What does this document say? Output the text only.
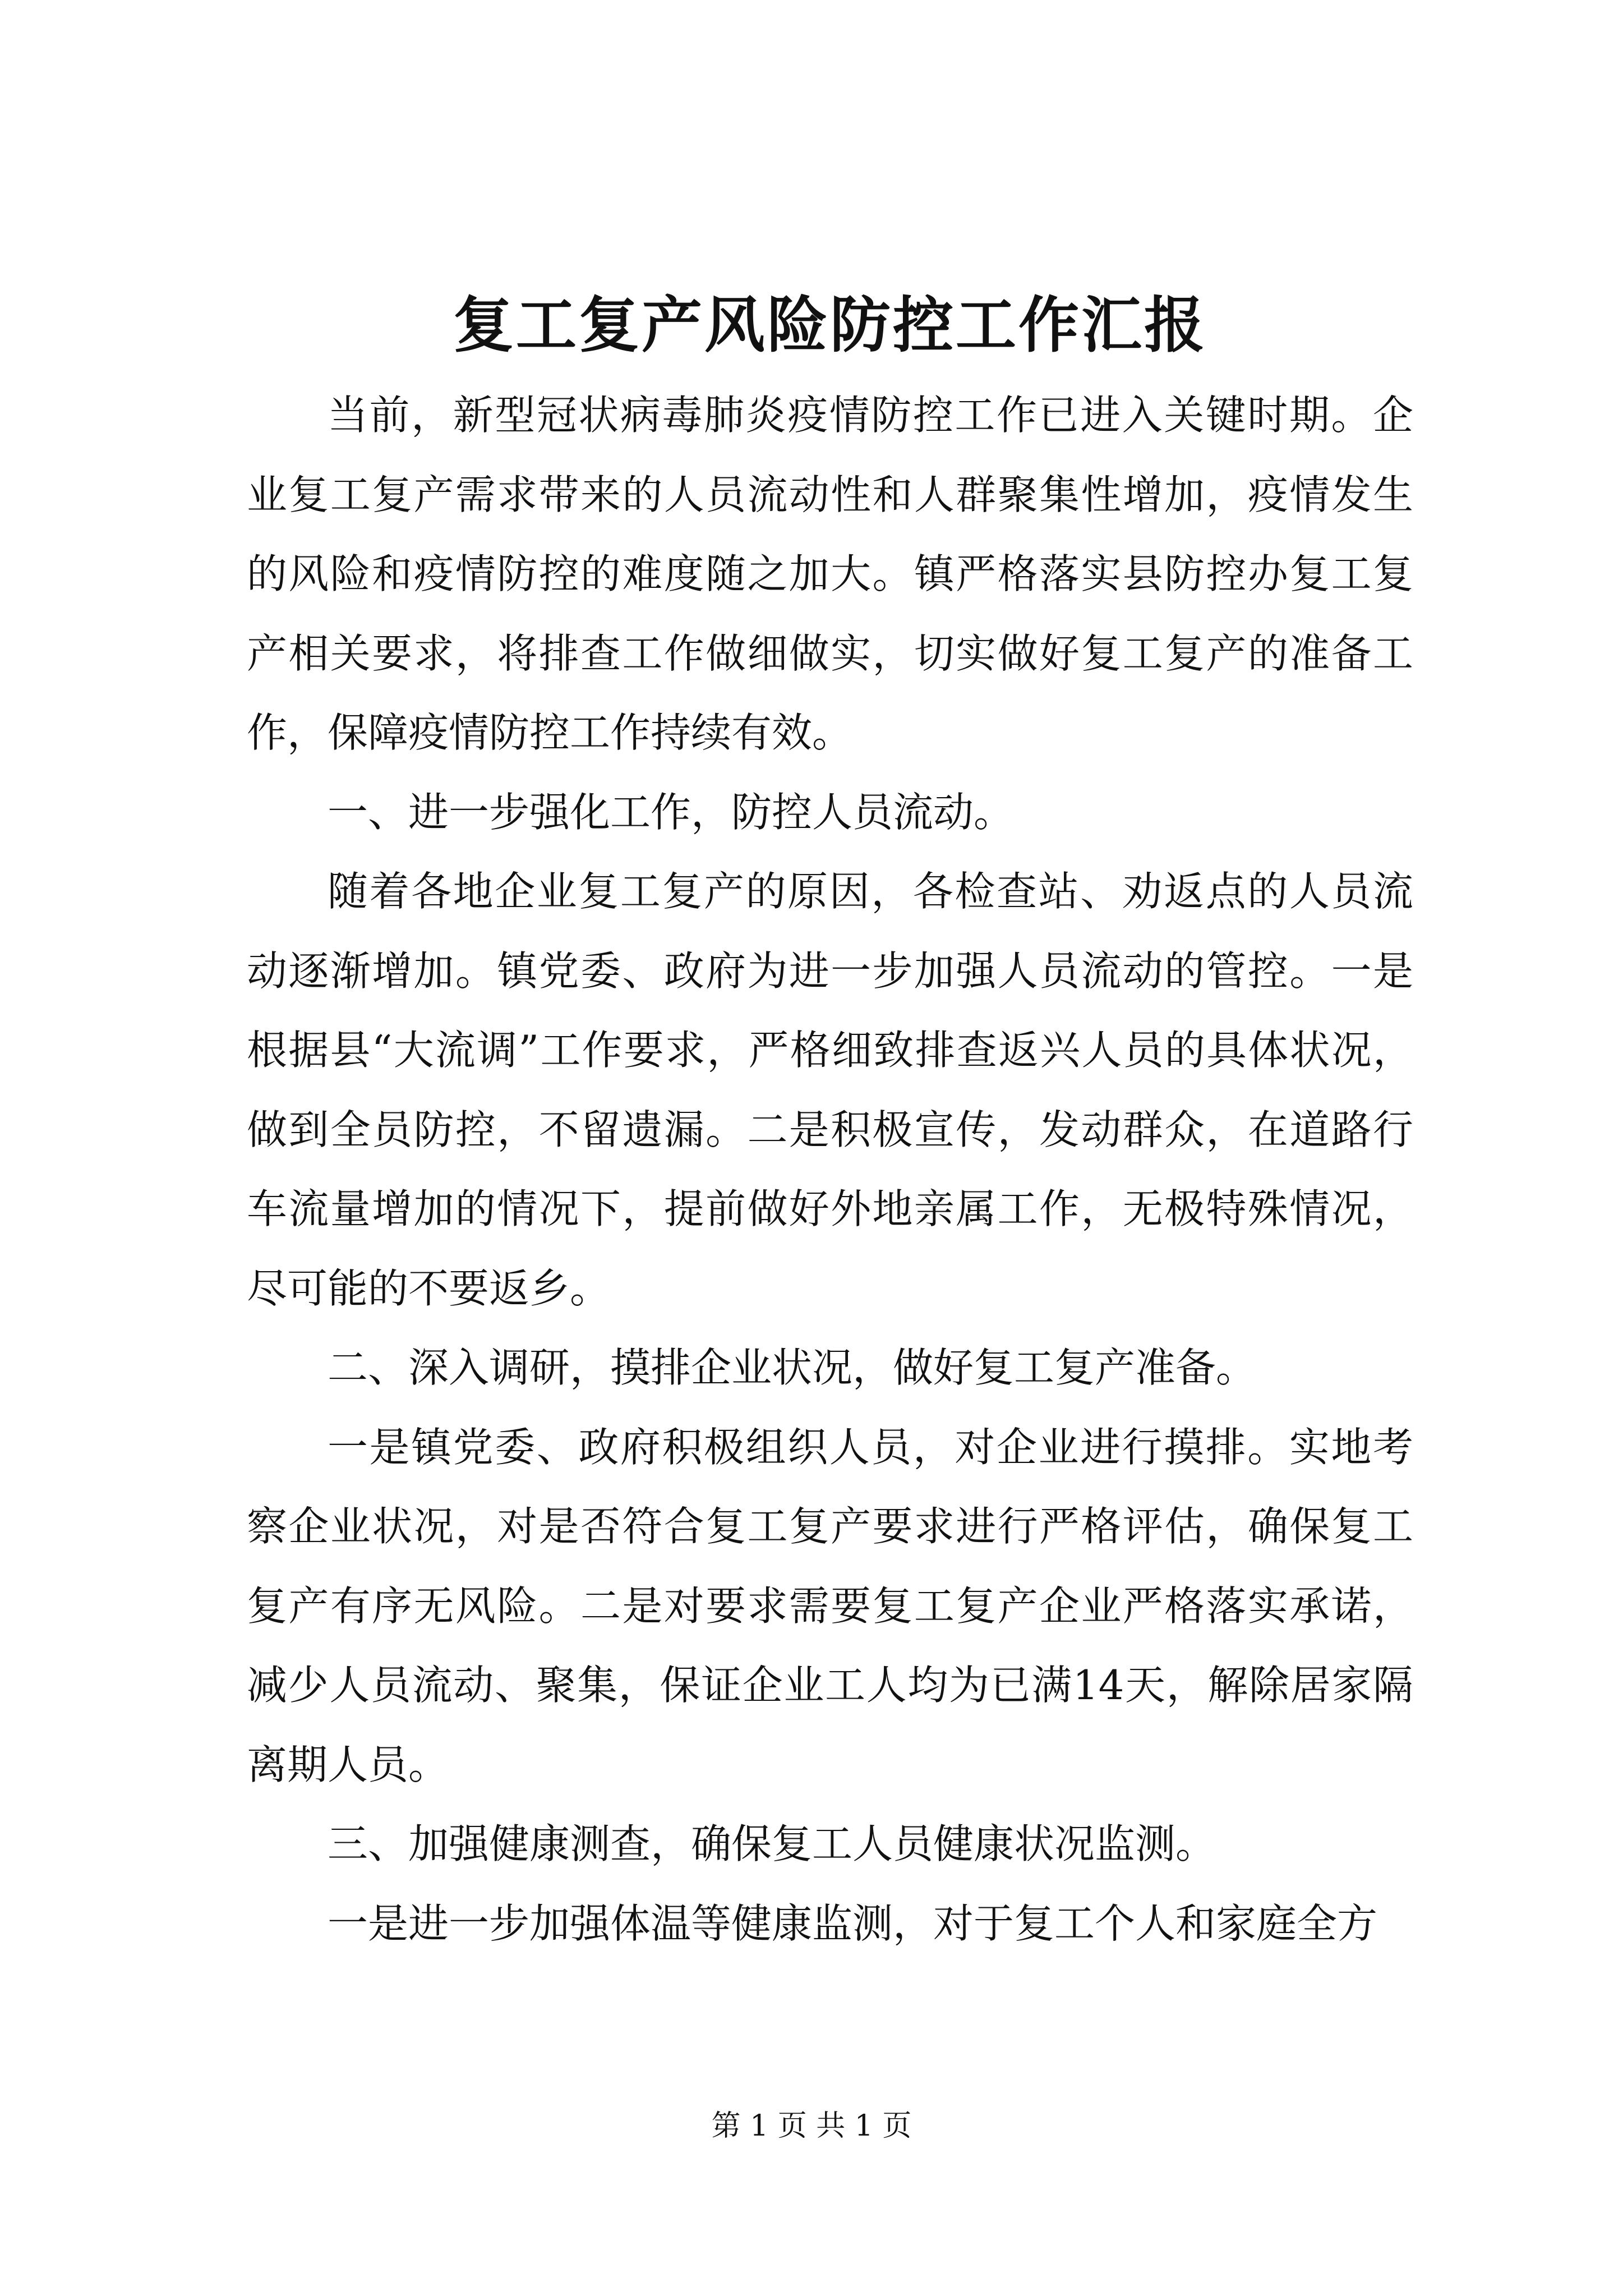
复工复产风险防控工作汇报

当前，新型冠状病毒肺炎疫情防控工作已进入关键时期。企业复工复产需求带来的人员流动性和人群聚集性增加，疫情发生的风险和疫情防控的难度随之加大。镇严格落实县防控办复工复产相关要求，将排查工作做细做实，切实做好复工复产的准备工作，保障疫情防控工作持续有效。

一、进一步强化工作，防控人员流动。

随着各地企业复工复产的原因，各检查站、劝返点的人员流动逐渐增加。镇党委、政府为进一步加强人员流动的管控。一是根据县“大流调”工作要求，严格细致排查返兴人员的具体状况，做到全员防控，不留遗漏。二是积极宣传，发动群众，在道路行车流量增加的情况下，提前做好外地亲属工作，无极特殊情况，尽可能的不要返乡。

二、深入调研，摸排企业状况，做好复工复产准备。

一是镇党委、政府积极组织人员，对企业进行摸排。实地考察企业状况，对是否符合复工复产要求进行严格评估，确保复工复产有序无风险。二是对要求需要复工复产企业严格落实承诺，减少人员流动、聚集，保证企业工人均为已满14天，解除居家隔离期人员。

三、加强健康测查，确保复工人员健康状况监测。

一是进一步加强体温等健康监测，对于复工个人和家庭全方

第 1 页 共 1 页
